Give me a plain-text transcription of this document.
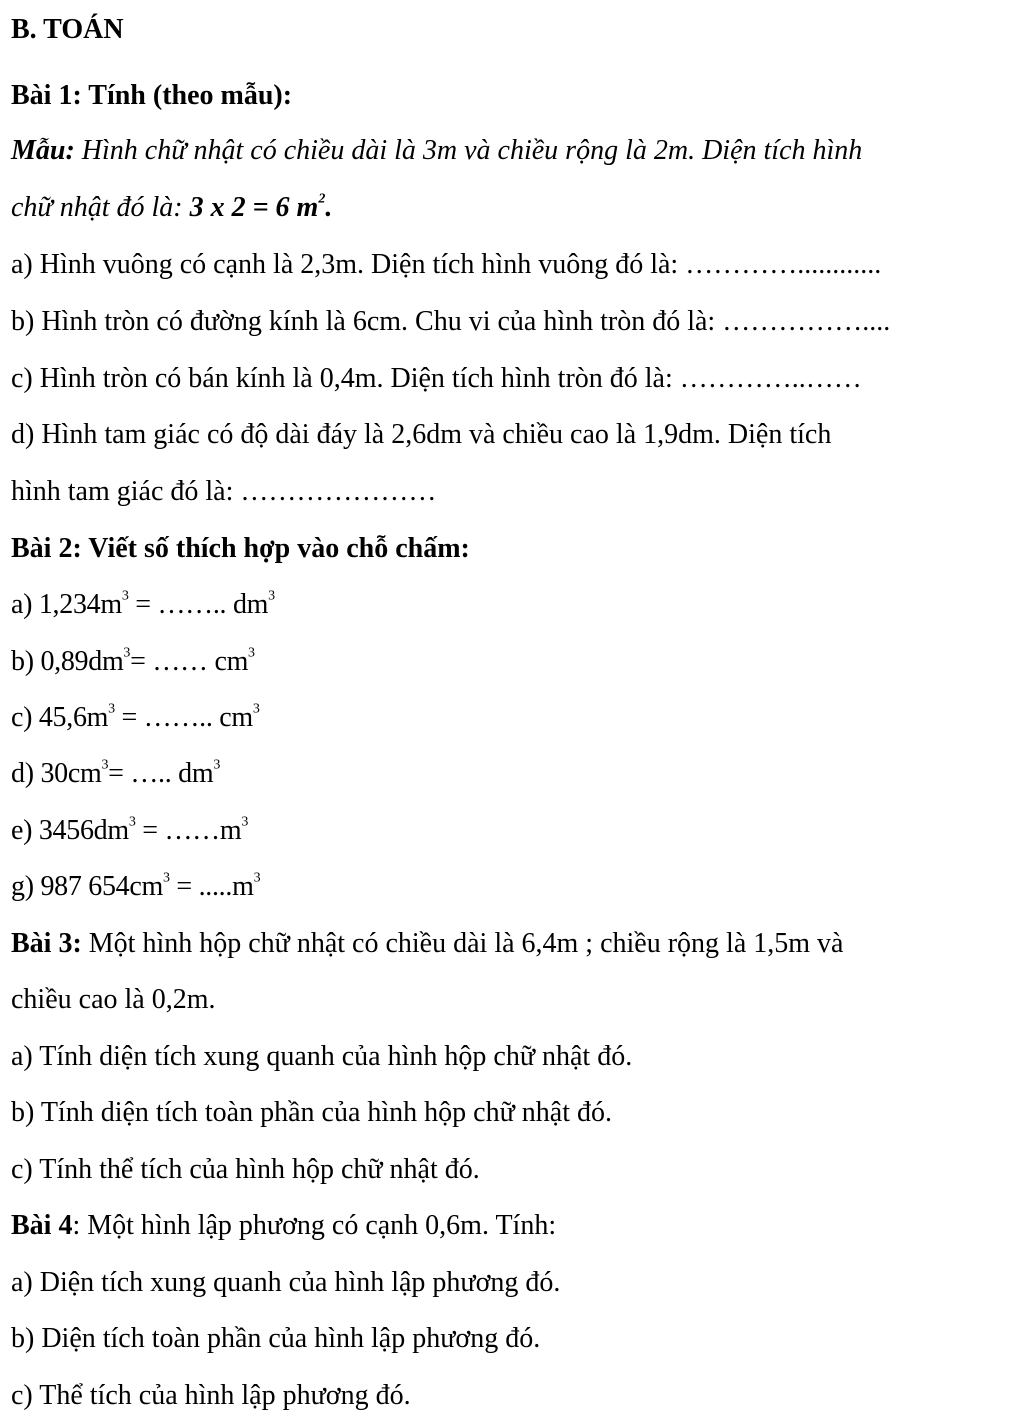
B. TOÁN
Bài 1: Tính (theo mẫu):
Mẫu: Hình chữ nhật có chiều dài là 3m và chiều rộng là 2m. Diện tích hình
chữ nhật đó là: 3 x 2 = 6 $m^2$.
a) Hình vuông có cạnh là 2,3m. Diện tích hình vuông đó là: …………............
b) Hình tròn có đường kính là 6cm. Chu vi của hình tròn đó là: ……………....
c) Hình tròn có bán kính là 0,4m. Diện tích hình tròn đó là: …………..……
d) Hình tam giác có độ dài đáy là 2,6dm và chiều cao là 1,9dm. Diện tích
hình tam giác đó là: …………………
Bài 2: Viết số thích hợp vào chỗ chấm:
a) $1,234m^3$ = …….. $dm^3$
b) $0,89dm^3=$ …… $cm^3$
c) $45,6m^3$ = …….. $cm^3$
d) $30cm^3=$ ….. $dm^3$
e) $3456dm^3$ = $\dots\dots m^3$
g) 987 $654cm^3 = .....m^3$
Bài 3: Một hình hộp chữ nhật có chiều dài là 6,4m ; chiều rộng là 1,5m và
chiều cao là 0,2m.
a) Tính diện tích xung quanh của hình hộp chữ nhật đó.
b) Tính diện tích toàn phần của hình hộp chữ nhật đó.
c) Tính thể tích của hình hộp chữ nhật đó.
Bài 4: Một hình lập phương có cạnh 0,6m. Tính:
a) Diện tích xung quanh của hình lập phương đó.
b) Diện tích toàn phần của hình lập phương đó.
c) Thể tích của hình lập phương đó.
